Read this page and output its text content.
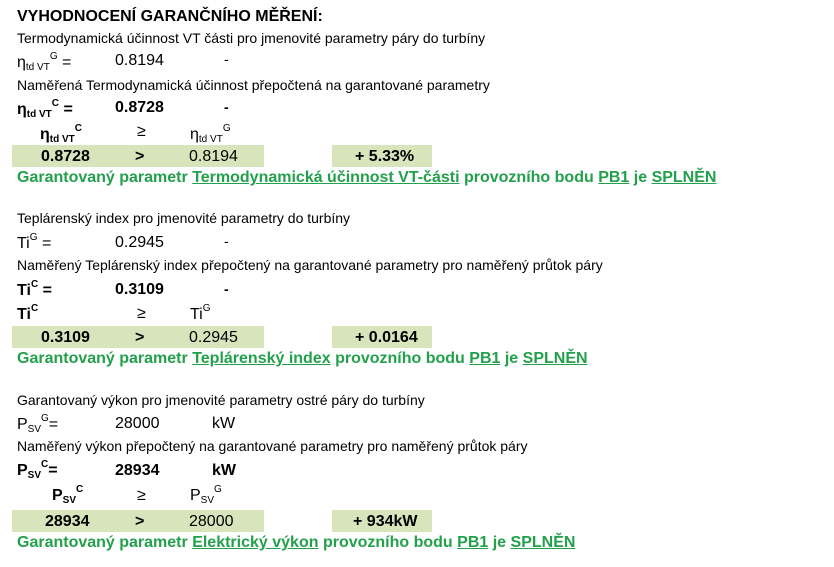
VYHODNOCENÍ GARANČNÍHO MĚŘENÍ:
Termodynamická účinnost VT části pro jmenovité parametry páry do turbíny
$\eta_{td VT}^G$ =	0.8194	-
Naměřená Termodynamická účinnost přepočtená na garantované parametry
$\eta_{td VT}^C$ =	0.8728	-
$\eta_{td VT}^C$	≥	$\eta_{td VT}^G$
0.8728	>	0.8194	+ 5.33%
Garantovaný parametr Termodynamická účinnost VT-části provozního bodu PB1 je SPLNĚN
Teplárenský index pro jmenovité parametry do turbíny
$Ti^G$ =	0.2945	-
Naměřený Teplárenský index přepočtený na garantované parametry pro naměřený průtok páry
$Ti^C$ =	0.3109	-
$Ti^C$	≥	$Ti^G$
0.3109	>	0.2945	+ 0.0164
Garantovaný parametr Teplárenský index provozního bodu PB1 je SPLNĚN
Garantovaný výkon pro jmenovité parametry ostré páry do turbíny
$P_{SV}^G=$	28000	kW
Naměřený výkon přepočtený na garantované parametry pro naměřený průtok páry
$P_{SV}^C=$	28934	kW
$P_{SV}^C$	≥	$P_{SV}^G$
28934	>	28000	+ 934kW
Garantovaný parametr Elektrický výkon provozního bodu PB1 je SPLNĚN
